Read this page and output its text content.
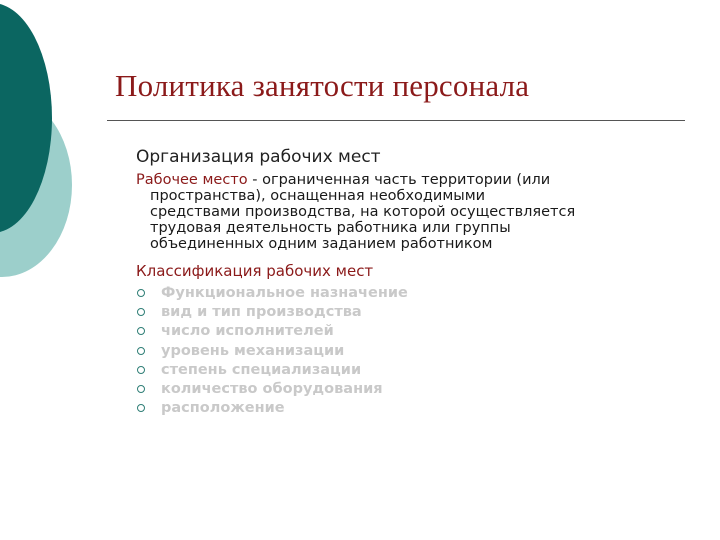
Политика занятости персонала
Организация рабочих мест
Рабочее место - ограниченная часть территории (или
пространства), оснащенная необходимыми
средствами производства, на которой осуществляется
трудовая деятельность работника или группы
объединенных одним заданием работником
Классификация рабочих мест
Функциональное назначение
вид и тип производства
число исполнителей
уровень механизации
степень специализации
количество оборудования
расположение
